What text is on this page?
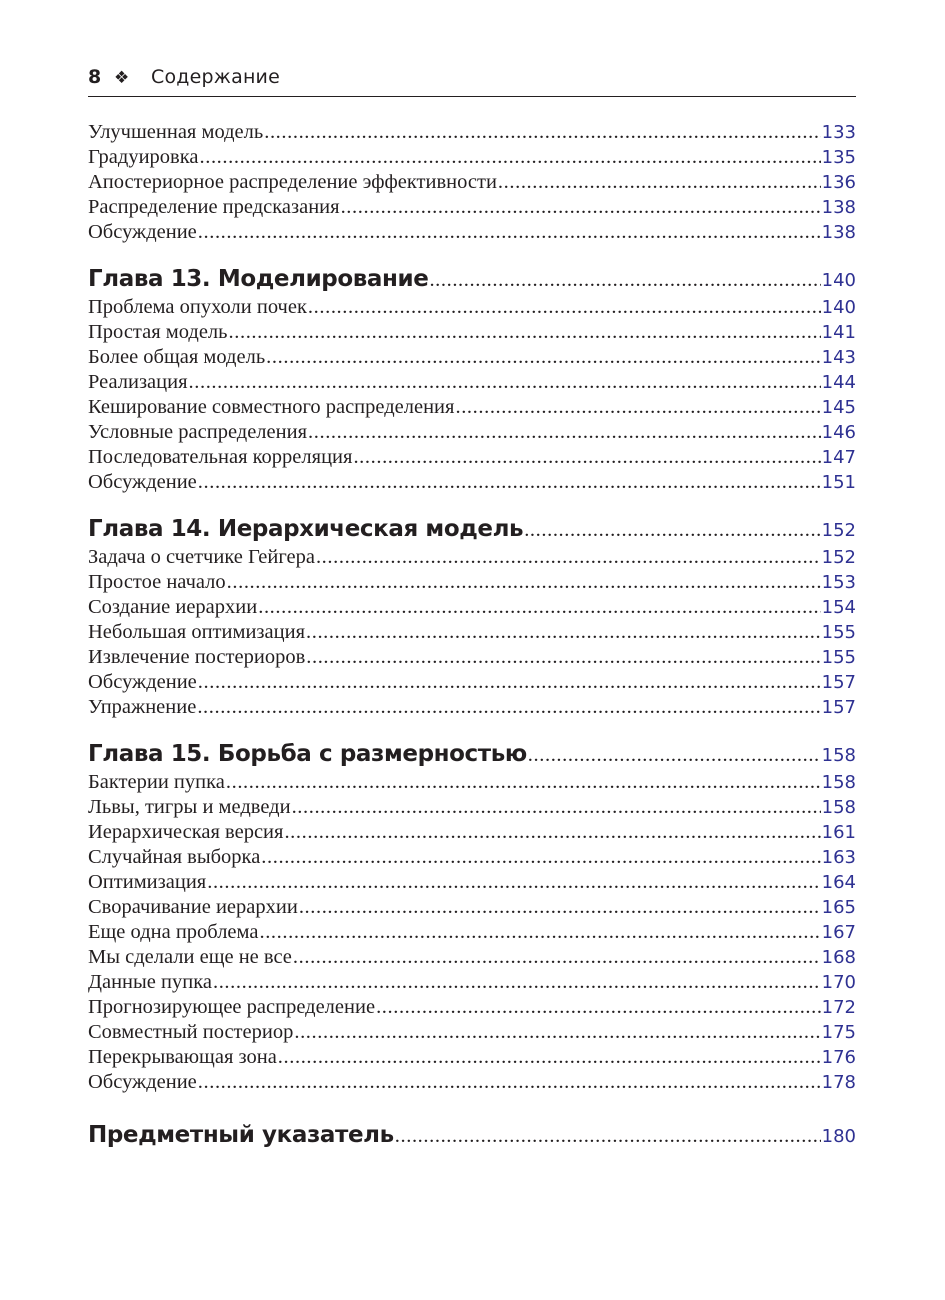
8 ❖	Содержание
Улучшенная модель .....	133
Градуировка .....	135
Апостериорное распределение эффективности .....	136
Распределение предсказания .....	138
Обсуждение .....	138
Глава 13. Моделирование .....	140
Проблема опухоли почек .....	140
Простая модель .....	141
Более общая модель .....	143
Реализация .....	144
Кеширование совместного распределения .....	145
Условные распределения .....	146
Последовательная корреляция .....	147
Обсуждение .....	151
Глава 14. Иерархическая модель .....	152
Задача о счетчике Гейгера .....	152
Простое начало .....	153
Создание иерархии .....	154
Небольшая оптимизация .....	155
Извлечение постериоров .....	155
Обсуждение .....	157
Упражнение .....	157
Глава 15. Борьба с размерностью .....	158
Бактерии пупка .....	158
Львы, тигры и медведи .....	158
Иерархическая версия .....	161
Случайная выборка .....	163
Оптимизация .....	164
Сворачивание иерархии .....	165
Еще одна проблема .....	167
Мы сделали еще не все .....	168
Данные пупка .....	170
Прогнозирующее распределение .....	172
Совместный постериор .....	175
Перекрывающая зона .....	176
Обсуждение .....	178
Предметный указатель .....	180
